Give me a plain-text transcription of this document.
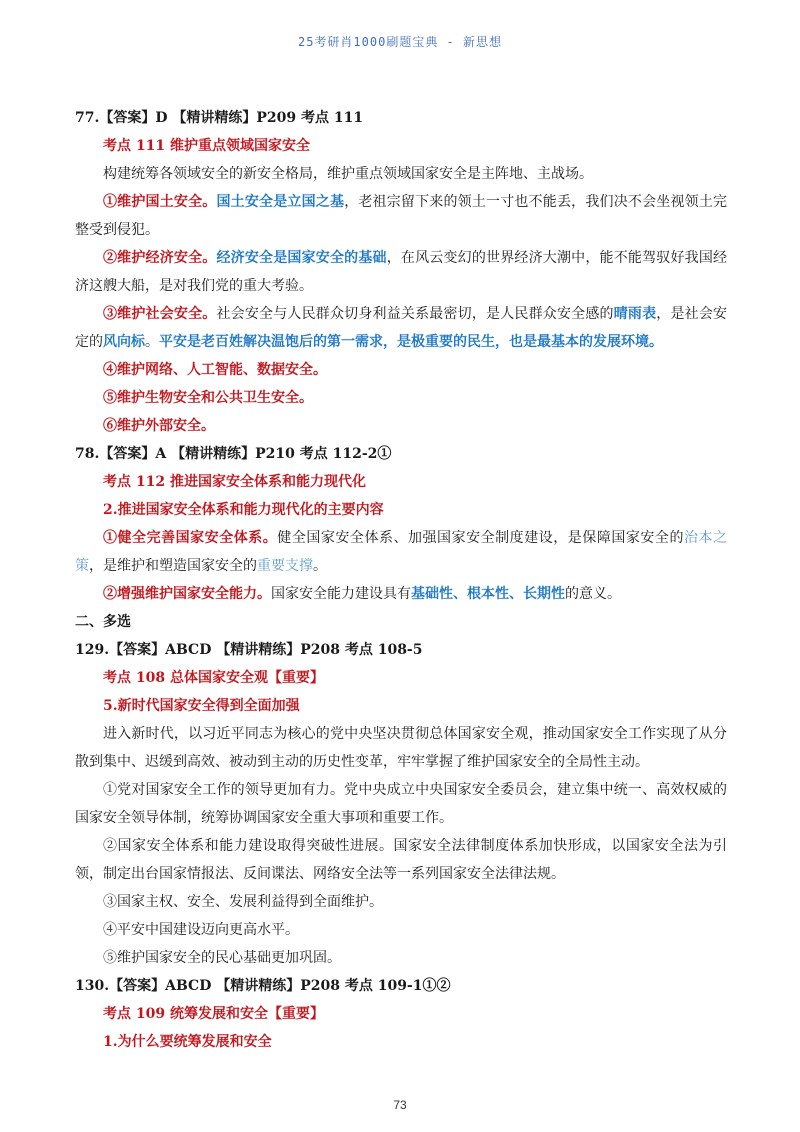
25考研肖1000刷题宝典 - 新思想
77.【答案】D 【精讲精练】P209 考点 111
考点 111 维护重点领域国家安全
构建统筹各领域安全的新安全格局，维护重点领域国家安全是主阵地、主战场。
①维护国土安全。国土安全是立国之基，老祖宗留下来的领土一寸也不能丢，我们决不会坐视领土完整受到侵犯。
②维护经济安全。经济安全是国家安全的基础，在风云变幻的世界经济大潮中，能不能驾驭好我国经济这艘大船，是对我们党的重大考验。
③维护社会安全。社会安全与人民群众切身利益关系最密切，是人民群众安全感的晴雨表，是社会安定的风向标。平安是老百姓解决温饱后的第一需求，是极重要的民生，也是最基本的发展环境。
④维护网络、人工智能、数据安全。
⑤维护生物安全和公共卫生安全。
⑥维护外部安全。
78.【答案】A 【精讲精练】P210 考点 112-2①
考点 112 推进国家安全体系和能力现代化
2.推进国家安全体系和能力现代化的主要内容
①健全完善国家安全体系。健全国家安全体系、加强国家安全制度建设，是保障国家安全的治本之策，是维护和塑造国家安全的重要支撑。
②增强维护国家安全能力。国家安全能力建设具有基础性、根本性、长期性的意义。
二、多选
129.【答案】ABCD 【精讲精练】P208 考点 108-5
考点 108 总体国家安全观【重要】
5.新时代国家安全得到全面加强
进入新时代，以习近平同志为核心的党中央坚决贯彻总体国家安全观，推动国家安全工作实现了从分散到集中、迟缓到高效、被动到主动的历史性变革，牢牢掌握了维护国家安全的全局性主动。
①党对国家安全工作的领导更加有力。党中央成立中央国家安全委员会，建立集中统一、高效权威的国家安全领导体制，统筹协调国家安全重大事项和重要工作。
②国家安全体系和能力建设取得突破性进展。国家安全法律制度体系加快形成，以国家安全法为引领，制定出台国家情报法、反间谍法、网络安全法等一系列国家安全法律法规。
③国家主权、安全、发展利益得到全面维护。
④平安中国建设迈向更高水平。
⑤维护国家安全的民心基础更加巩固。
130.【答案】ABCD 【精讲精练】P208 考点 109-1①②
考点 109 统筹发展和安全【重要】
1.为什么要统筹发展和安全
73
